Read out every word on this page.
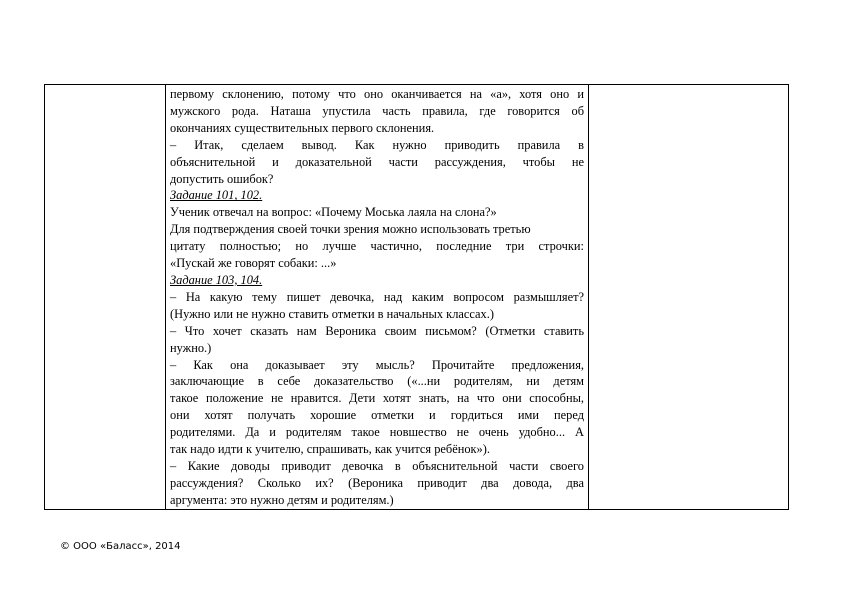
первому склонению, потому что оно оканчивается на «а», хотя оно и

мужского рода. Наташа упустила часть правила, где говорится об

окончаниях существительных первого склонения.

– Итак, сделаем вывод. Как нужно приводить правила в

объяснительной и доказательной части рассуждения, чтобы не

допустить ошибок?

Задание 101, 102.

Ученик отвечал на вопрос: «Почему Моська лаяла на слона?»

Для подтверждения своей точки зрения можно использовать третью

цитату полностью; но лучше частично, последние три строчки:

«Пускай же говорят собаки: ...»

Задание 103, 104.

– На какую тему пишет девочка, над каким вопросом размышляет?

(Нужно или не нужно ставить отметки в начальных классах.)

– Что хочет сказать нам Вероника своим письмом? (Отметки ставить

нужно.)

– Как она доказывает эту мысль? Прочитайте предложения,

заключающие в себе доказательство («...ни родителям, ни детям

такое положение не нравится. Дети хотят знать, на что они способны,

они хотят получать хорошие отметки и гордиться ими перед

родителями. Да и родителям такое новшество не очень удобно... А

так надо идти к учителю, спрашивать, как учится ребёнок»).

– Какие доводы приводит девочка в объяснительной части своего

рассуждения? Сколько их? (Вероника приводит два довода, два

аргумента: это нужно детям и родителям.)

© ООО «Баласс», 2014
